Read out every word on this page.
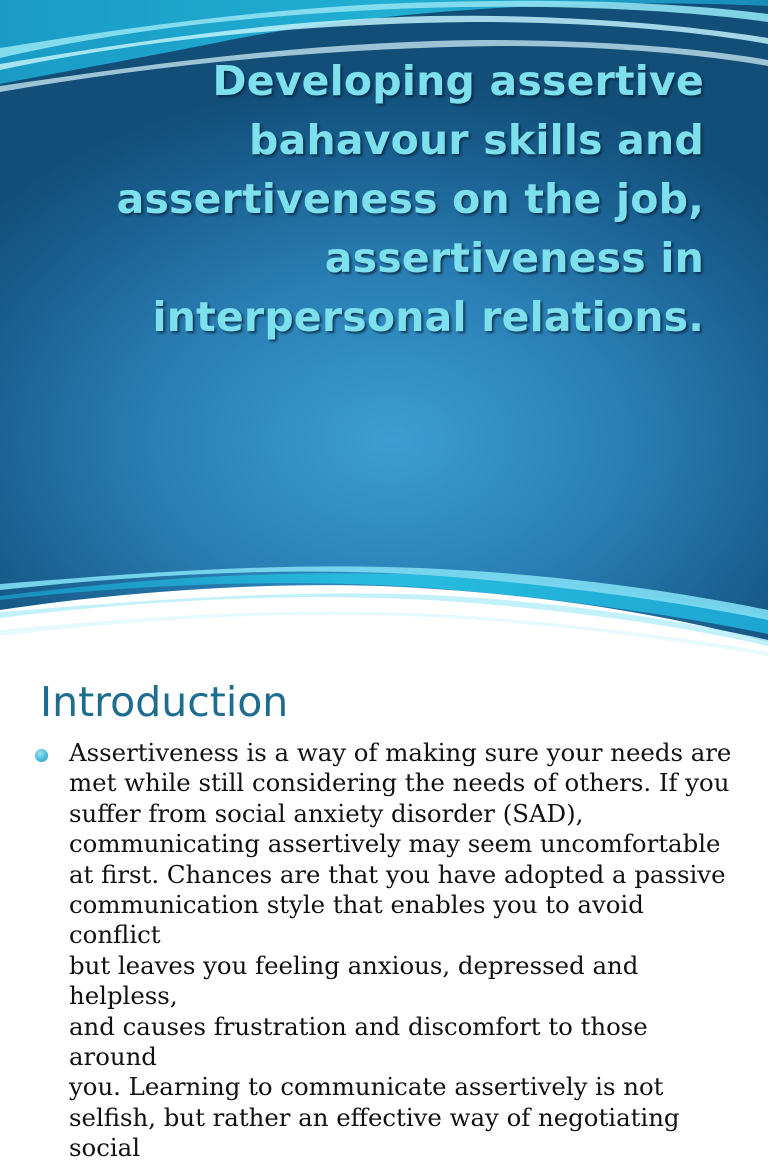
Developing assertive
bahavour skills and
assertiveness on the job,
assertiveness in
interpersonal relations.
Introduction
Assertiveness is a way of making sure your needs are
met while still considering the needs of others. If you
suffer from social anxiety disorder (SAD),
communicating assertively may seem uncomfortable
at first. Chances are that you have adopted a passive
communication style that enables you to avoid conflict
but leaves you feeling anxious, depressed and helpless,
and causes frustration and discomfort to those around
you. Learning to communicate assertively is not
selfish, but rather an effective way of negotiating social
